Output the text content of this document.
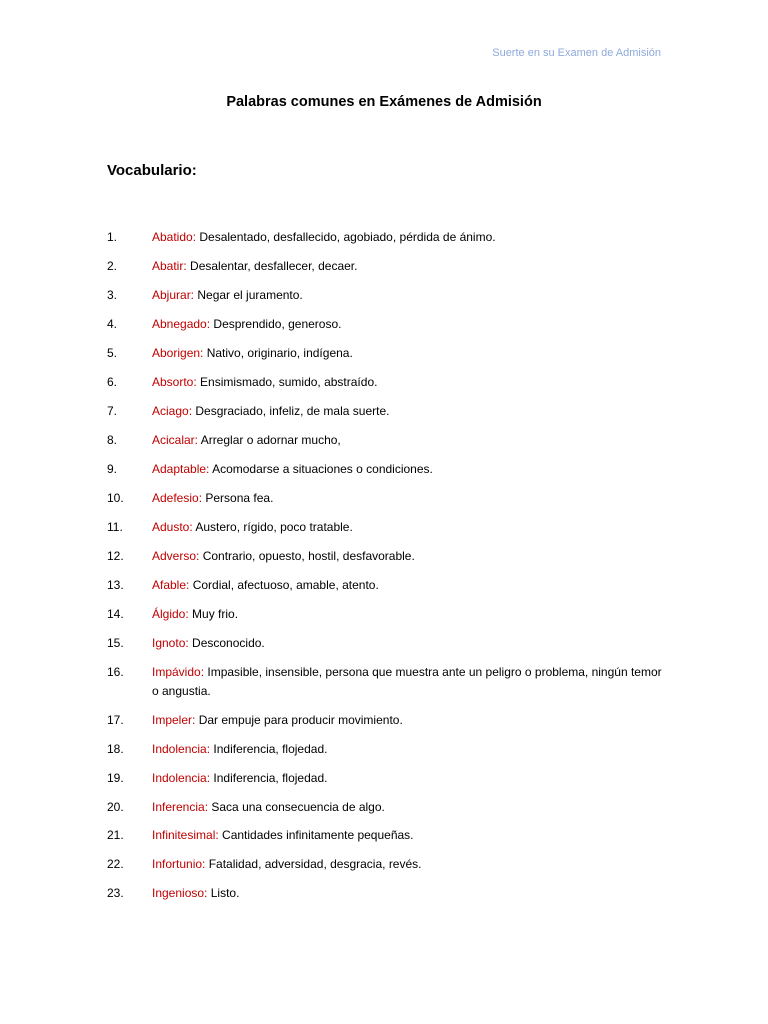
Suerte en su Examen de Admisión
Palabras comunes en Exámenes de Admisión
Vocabulario:
1.	Abatido: Desalentado, desfallecido, agobiado, pérdida de ánimo.
2.	Abatir: Desalentar, desfallecer, decaer.
3.	Abjurar: Negar el juramento.
4.	Abnegado: Desprendido, generoso.
5.	Aborigen: Nativo, originario, indígena.
6.	Absorto: Ensimismado, sumido, abstraído.
7.	Aciago: Desgraciado, infeliz, de mala suerte.
8.	Acicalar: Arreglar o adornar mucho,
9.	Adaptable: Acomodarse a situaciones o condiciones.
10.	Adefesio: Persona fea.
11.	Adusto: Austero, rígido, poco tratable.
12.	Adverso: Contrario, opuesto, hostil, desfavorable.
13.	Afable: Cordial, afectuoso, amable, atento.
14.	Álgido: Muy frio.
15.	Ignoto: Desconocido.
16.	Impávido: Impasible, insensible, persona que muestra ante un peligro o problema, ningún temor o angustia.
17.	Impeler: Dar empuje para producir movimiento.
18.	Indolencia: Indiferencia, flojedad.
19.	Indolencia: Indiferencia, flojedad.
20.	Inferencia: Saca una consecuencia de algo.
21.	Infinitesimal: Cantidades infinitamente pequeñas.
22.	Infortunio: Fatalidad, adversidad, desgracia, revés.
23.	Ingenioso: Listo.
